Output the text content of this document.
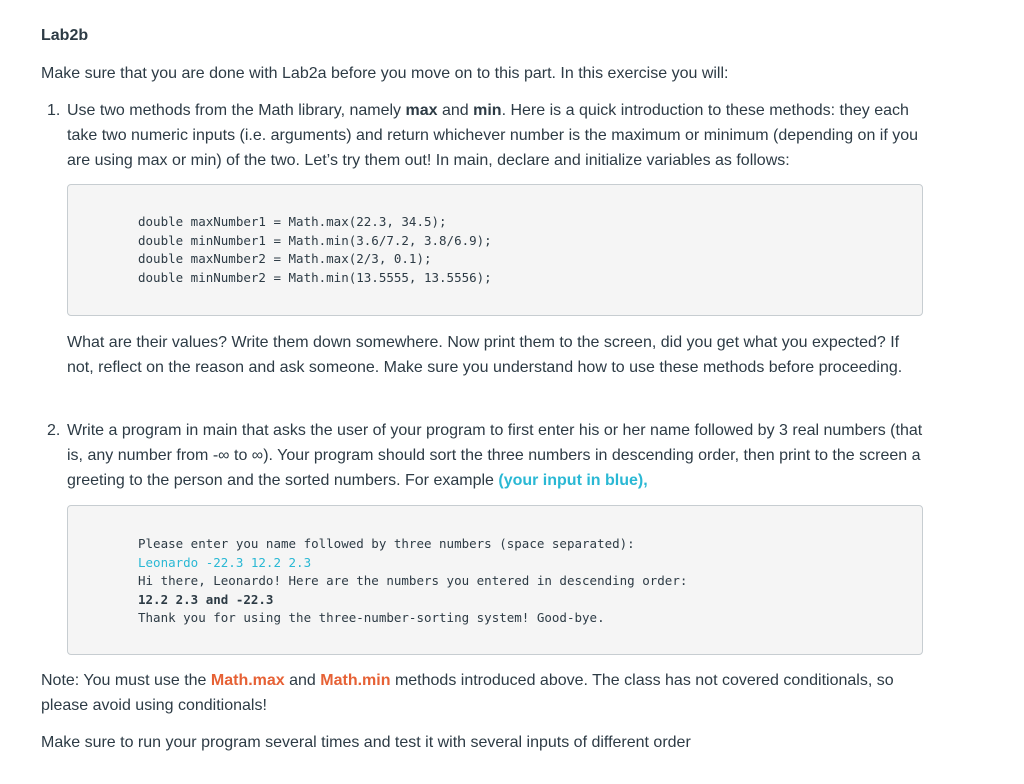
Lab2b

Make sure that you are done with Lab2a before you move on to this part. In this exercise you will:

1. Use two methods from the Math library, namely max and min. Here is a quick introduction to these methods: they each take two numeric inputs (i.e. arguments) and return whichever number is the maximum or minimum (depending on if you are using max or min) of the two. Let’s try them out! In main, declare and initialize variables as follows:

double maxNumber1 = Math.max(22.3, 34.5);
double minNumber1 = Math.min(3.6/7.2, 3.8/6.9);
double maxNumber2 = Math.max(2/3, 0.1);
double minNumber2 = Math.min(13.5555, 13.5556);

What are their values? Write them down somewhere. Now print them to the screen, did you get what you expected? If not, reflect on the reason and ask someone. Make sure you understand how to use these methods before proceeding.

2. Write a program in main that asks the user of your program to first enter his or her name followed by 3 real numbers (that is, any number from -∞ to ∞). Your program should sort the three numbers in descending order, then print to the screen a greeting to the person and the sorted numbers. For example (your input in blue),

Please enter you name followed by three numbers (space separated):
Leonardo -22.3 12.2 2.3
Hi there, Leonardo! Here are the numbers you entered in descending order:
12.2 2.3 and -22.3
Thank you for using the three-number-sorting system! Good-bye.

Note: You must use the Math.max and Math.min methods introduced above. The class has not covered conditionals, so please avoid using conditionals!

Make sure to run your program several times and test it with several inputs of different order
